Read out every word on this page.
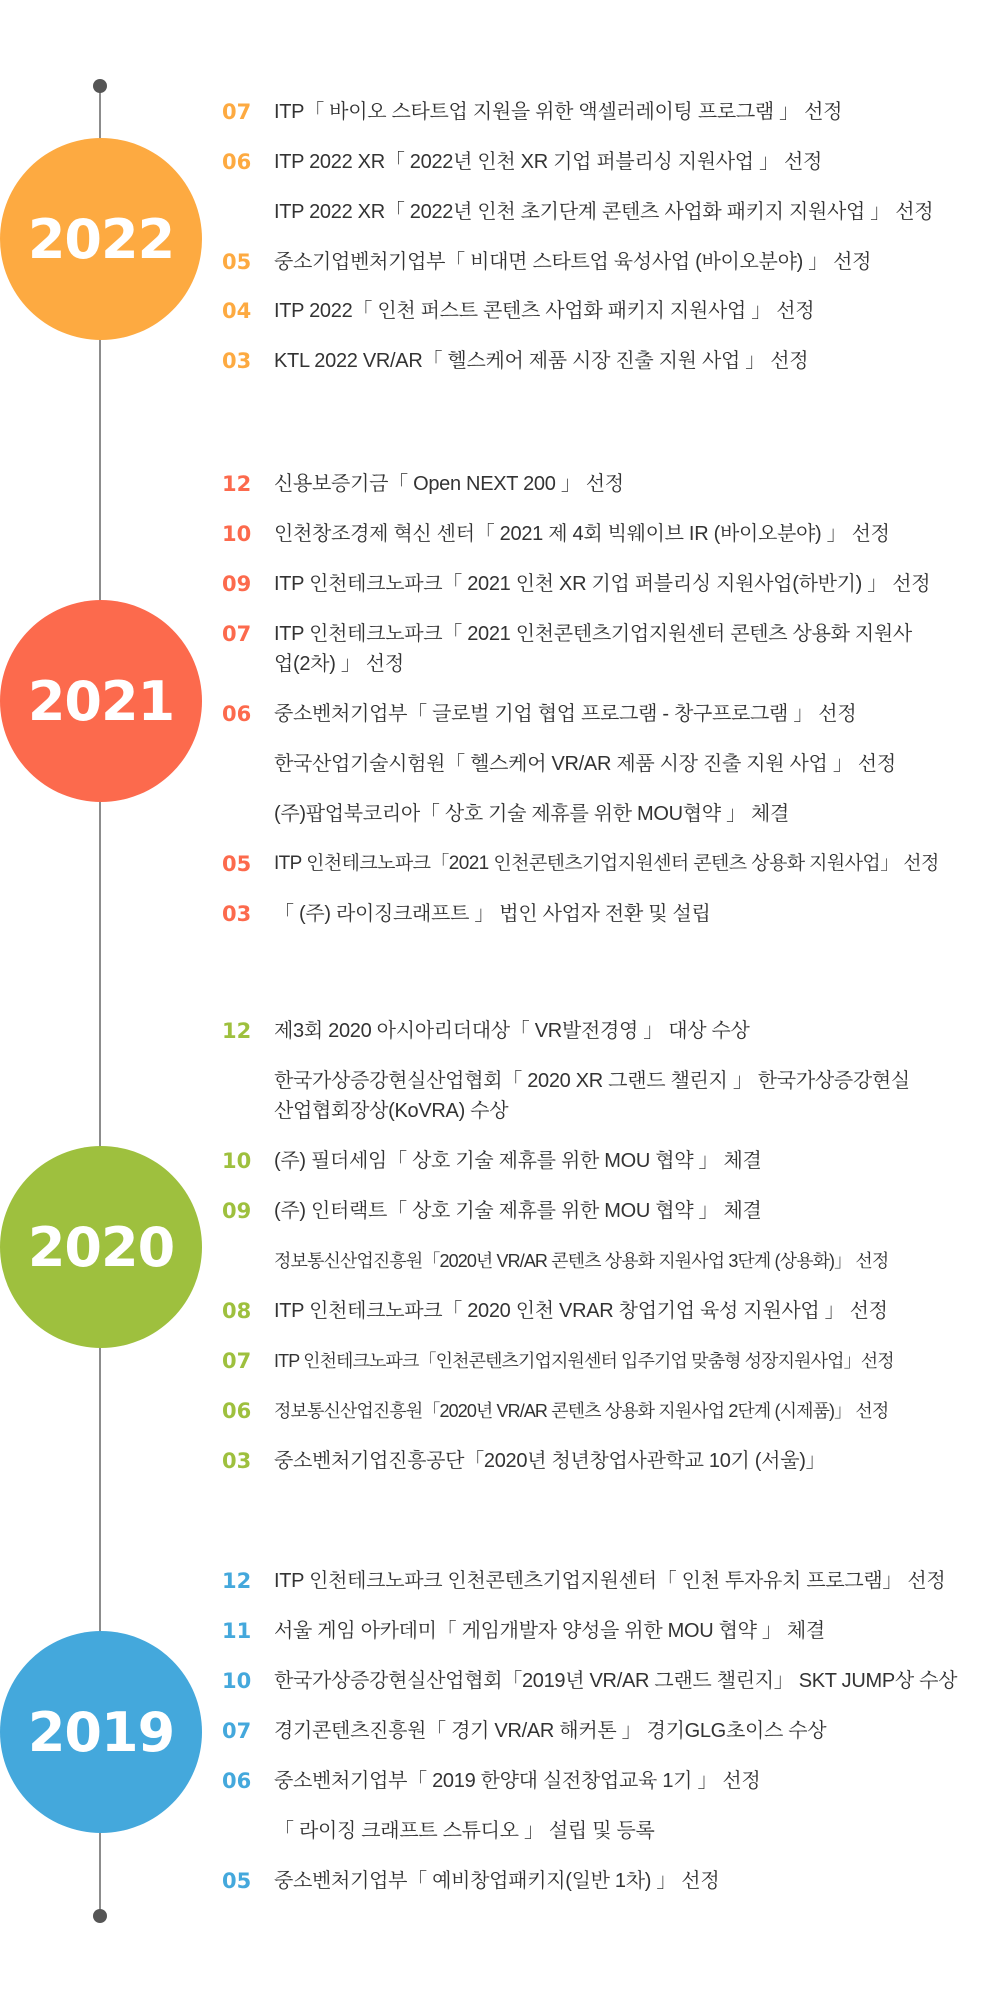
2022
07	ITP「 바이오 스타트업 지원을 위한 액셀러레이팅 프로그램 」 선정
06	ITP 2022 XR「 2022년 인천 XR 기업 퍼블리싱 지원사업 」 선정
ITP 2022 XR「 2022년 인천 초기단계 콘텐츠 사업화 패키지 지원사업 」 선정
05	중소기업벤처기업부「 비대면 스타트업 육성사업 (바이오분야) 」 선정
04	ITP 2022「 인천 퍼스트 콘텐츠 사업화 패키지 지원사업 」 선정
03	KTL 2022 VR/AR「 헬스케어 제품 시장 진출 지원 사업 」 선정
2021
12	신용보증기금「 Open NEXT 200 」 선정
10	인천창조경제 혁신 센터「 2021 제 4회 빅웨이브 IR (바이오분야) 」 선정
09	ITP 인천테크노파크「 2021 인천 XR 기업 퍼블리싱 지원사업(하반기) 」 선정
07	ITP 인천테크노파크「 2021 인천콘텐츠기업지원센터 콘텐츠 상용화 지원사업(2차) 」 선정
06	중소벤처기업부「 글로벌 기업 협업 프로그램 - 창구프로그램 」 선정
한국산업기술시험원「 헬스케어 VR/AR 제품 시장 진출 지원 사업 」 선정
(주)팝업북코리아「 상호 기술 제휴를 위한 MOU협약 」 체결
05	ITP 인천테크노파크「2021 인천콘텐츠기업지원센터 콘텐츠 상용화 지원사업」 선정
03	「 (주) 라이징크래프트 」 법인 사업자 전환 및 설립
2020
12	제3회 2020 아시아리더대상「 VR발전경영 」 대상 수상
한국가상증강현실산업협회「 2020 XR 그랜드 챌린지 」 한국가상증강현실산업협회장상(KoVRA) 수상
10	(주) 필더세임「 상호 기술 제휴를 위한 MOU 협약 」 체결
09	(주) 인터랙트「 상호 기술 제휴를 위한 MOU 협약 」 체결
정보통신산업진흥원「2020년 VR/AR 콘텐츠 상용화 지원사업 3단계 (상용화)」 선정
08	ITP 인천테크노파크「 2020 인천 VRAR 창업기업 육성 지원사업 」 선정
07	ITP 인천테크노파크「인천콘텐츠기업지원센터 입주기업 맞춤형 성장지원사업」선정
06	정보통신산업진흥원「2020년 VR/AR 콘텐츠 상용화 지원사업 2단계 (시제품)」 선정
03	중소벤처기업진흥공단「2020년 청년창업사관학교 10기 (서울)」
2019
12	ITP 인천테크노파크 인천콘텐츠기업지원센터「 인천 투자유치 프로그램」 선정
11	서울 게임 아카데미「 게임개발자 양성을 위한 MOU 협약 」 체결
10	한국가상증강현실산업협회「2019년 VR/AR 그랜드 챌린지」 SKT JUMP상 수상
07	경기콘텐츠진흥원「 경기 VR/AR 해커톤 」 경기GLG초이스 수상
06	중소벤처기업부「 2019 한양대 실전창업교육 1기 」 선정
「 라이징 크래프트 스튜디오 」 설립 및 등록
05	중소벤처기업부「 예비창업패키지(일반 1차) 」 선정
